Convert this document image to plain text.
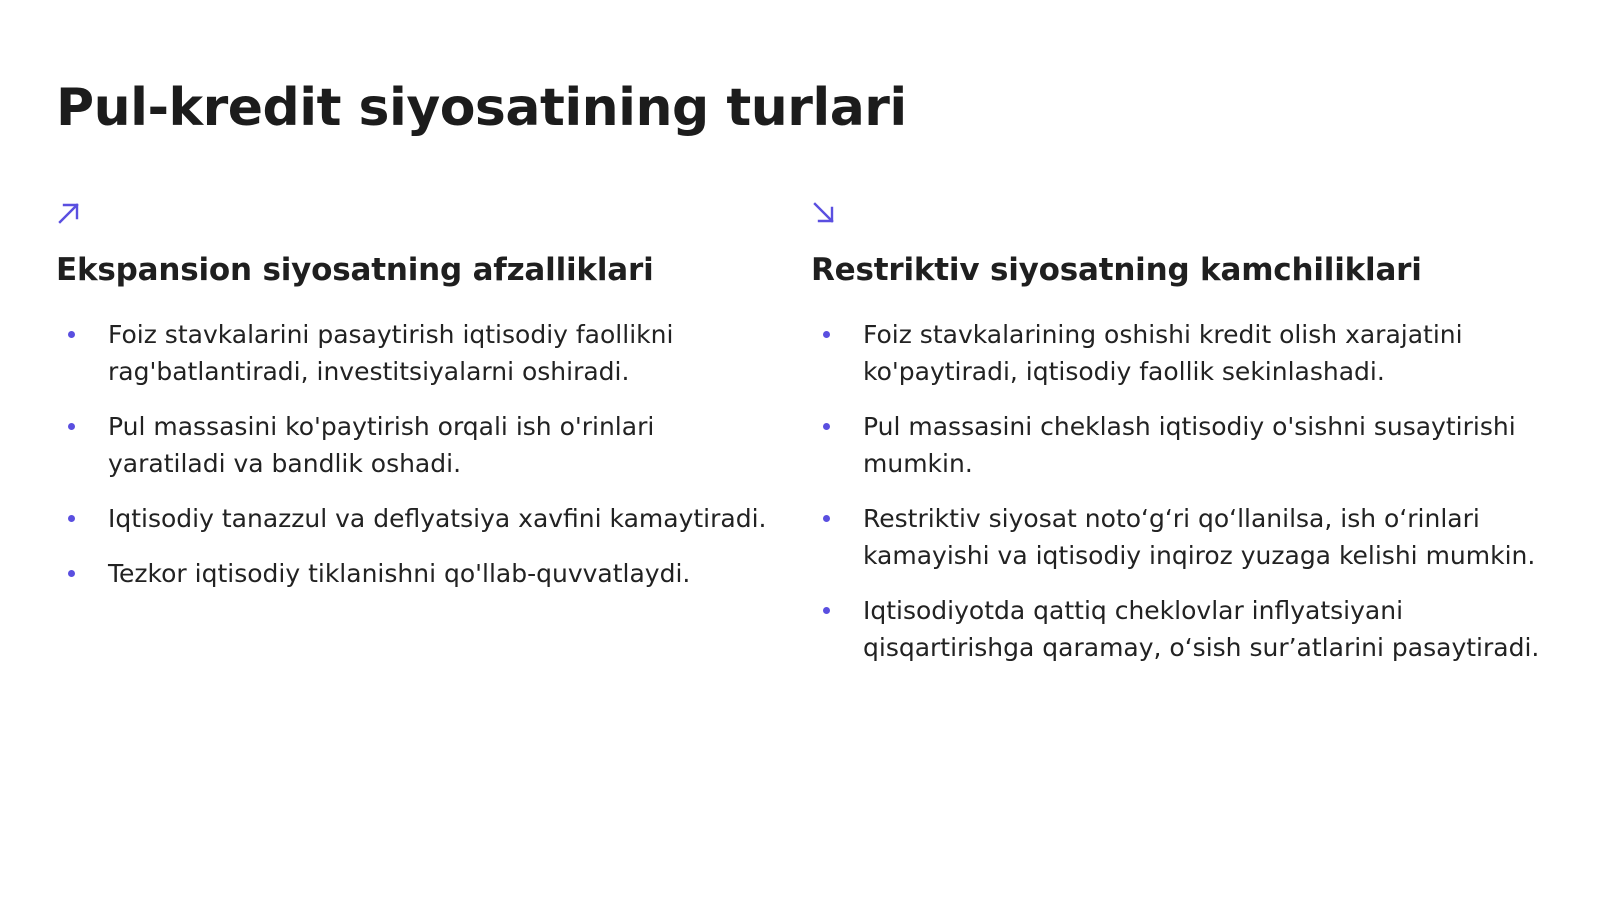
Pul-kredit siyosatining turlari
Ekspansion siyosatning afzalliklari
Foiz stavkalarini pasaytirish iqtisodiy faollikni rag'batlantiradi, investitsiyalarni oshiradi.
Pul massasini ko'paytirish orqali ish o'rinlari yaratiladi va bandlik oshadi.
Iqtisodiy tanazzul va deflyatsiya xavfini kamaytiradi.
Tezkor iqtisodiy tiklanishni qo'llab-quvvatlaydi.
Restriktiv siyosatning kamchiliklari
Foiz stavkalarining oshishi kredit olish xarajatini ko'paytiradi, iqtisodiy faollik sekinlashadi.
Pul massasini cheklash iqtisodiy o'sishni susaytirishi mumkin.
Restriktiv siyosat noto‘g‘ri qo‘llanilsa, ish o‘rinlari kamayishi va iqtisodiy inqiroz yuzaga kelishi mumkin.
Iqtisodiyotda qattiq cheklovlar inflyatsiyani qisqartirishga qaramay, o‘sish sur’atlarini pasaytiradi.
